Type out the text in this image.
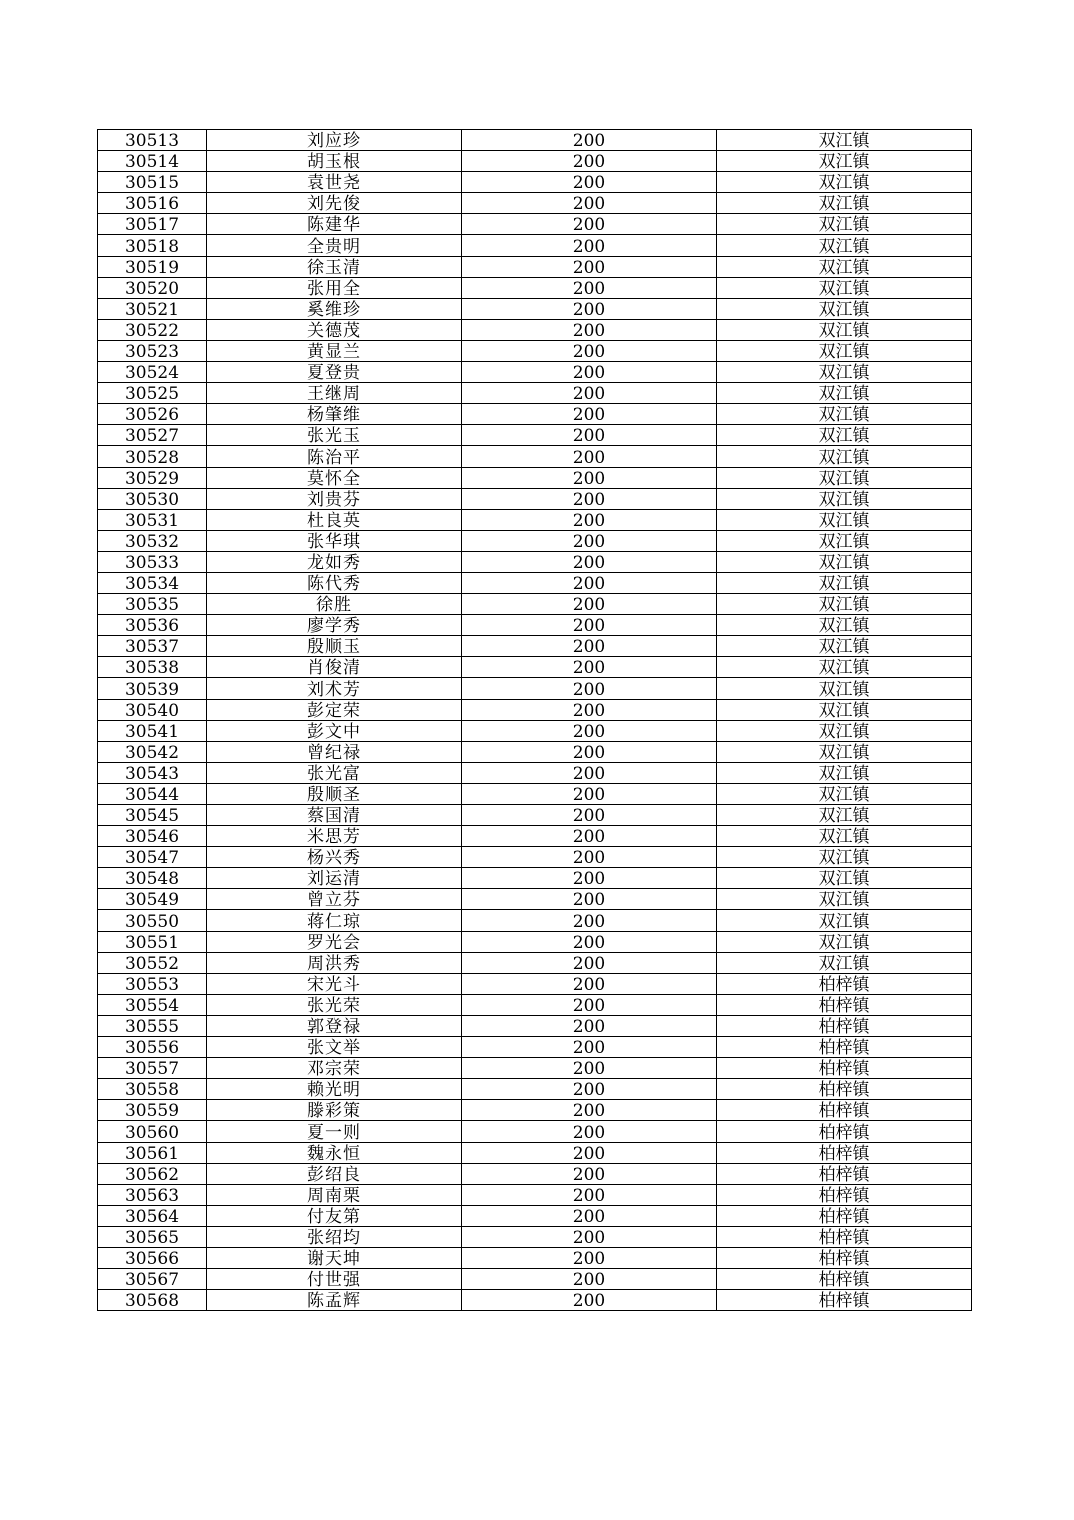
30513	刘应珍	200	双江镇
30514	胡玉根	200	双江镇
30515	袁世尧	200	双江镇
30516	刘先俊	200	双江镇
30517	陈建华	200	双江镇
30518	全贵明	200	双江镇
30519	徐玉清	200	双江镇
30520	张用全	200	双江镇
30521	奚维珍	200	双江镇
30522	关德茂	200	双江镇
30523	黄显兰	200	双江镇
30524	夏登贵	200	双江镇
30525	王继周	200	双江镇
30526	杨肇维	200	双江镇
30527	张光玉	200	双江镇
30528	陈治平	200	双江镇
30529	莫怀全	200	双江镇
30530	刘贵芬	200	双江镇
30531	杜良英	200	双江镇
30532	张华琪	200	双江镇
30533	龙如秀	200	双江镇
30534	陈代秀	200	双江镇
30535	徐胜	200	双江镇
30536	廖学秀	200	双江镇
30537	殷顺玉	200	双江镇
30538	肖俊清	200	双江镇
30539	刘术芳	200	双江镇
30540	彭定荣	200	双江镇
30541	彭文中	200	双江镇
30542	曾纪禄	200	双江镇
30543	张光富	200	双江镇
30544	殷顺圣	200	双江镇
30545	蔡国清	200	双江镇
30546	米思芳	200	双江镇
30547	杨兴秀	200	双江镇
30548	刘运清	200	双江镇
30549	曾立芬	200	双江镇
30550	蒋仁琼	200	双江镇
30551	罗光会	200	双江镇
30552	周洪秀	200	双江镇
30553	宋光斗	200	柏梓镇
30554	张光荣	200	柏梓镇
30555	郭登禄	200	柏梓镇
30556	张文举	200	柏梓镇
30557	邓宗荣	200	柏梓镇
30558	赖光明	200	柏梓镇
30559	滕彩策	200	柏梓镇
30560	夏一则	200	柏梓镇
30561	魏永恒	200	柏梓镇
30562	彭绍良	200	柏梓镇
30563	周南栗	200	柏梓镇
30564	付友第	200	柏梓镇
30565	张绍均	200	柏梓镇
30566	谢天坤	200	柏梓镇
30567	付世强	200	柏梓镇
30568	陈孟辉	200	柏梓镇
